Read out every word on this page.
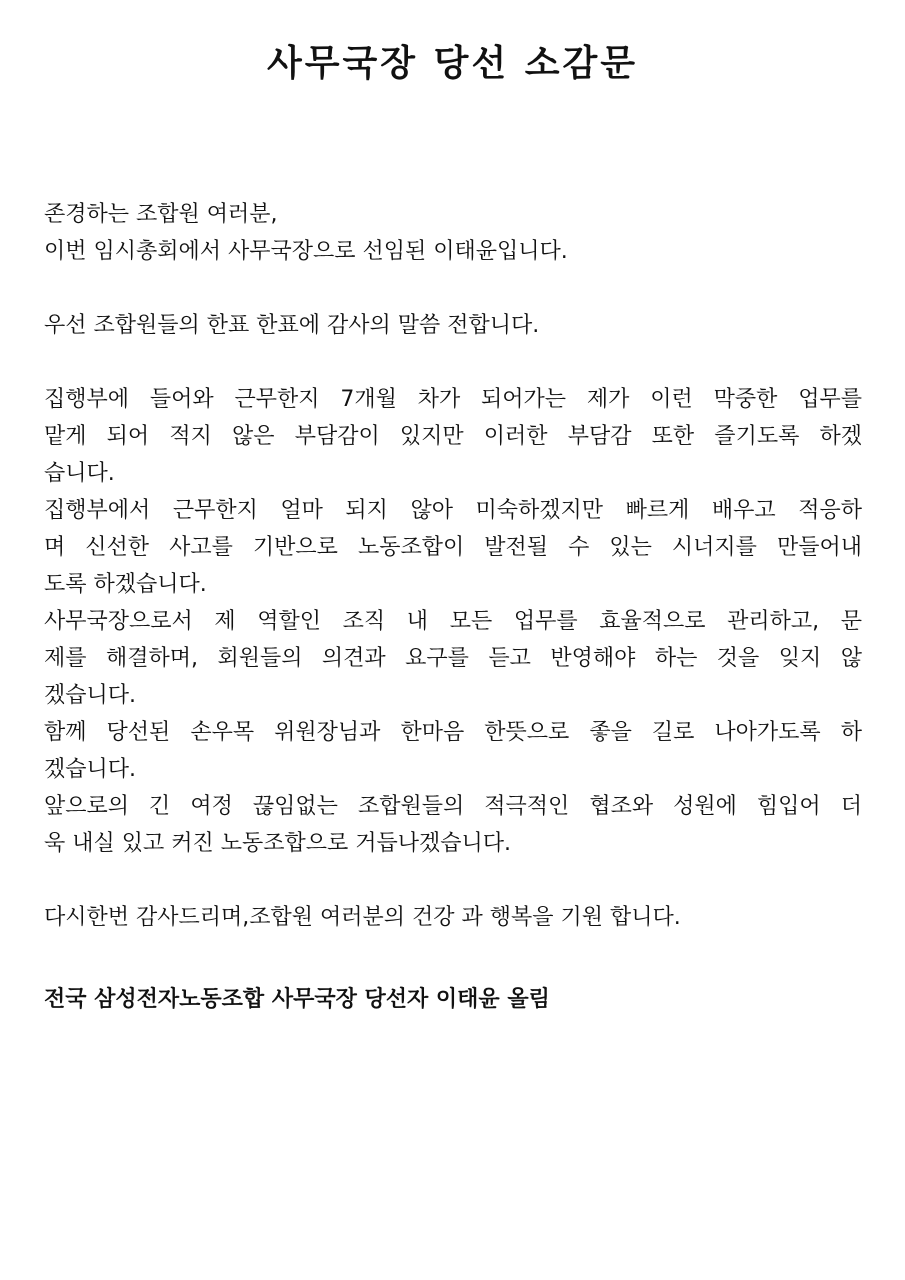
사무국장 당선 소감문
존경하는 조합원 여러분,
이번 임시총회에서 사무국장으로 선임된 이태윤입니다.
우선 조합원들의 한표 한표에 감사의 말씀 전합니다.
집행부에 들어와 근무한지 7개월 차가 되어가는 제가 이런 막중한 업무를
맡게 되어 적지 않은 부담감이 있지만 이러한 부담감 또한 즐기도록 하겠
습니다.
집행부에서 근무한지 얼마 되지 않아 미숙하겠지만 빠르게 배우고 적응하
며 신선한 사고를 기반으로 노동조합이 발전될 수 있는 시너지를 만들어내
도록 하겠습니다.
사무국장으로서 제 역할인 조직 내 모든 업무를 효율적으로 관리하고, 문
제를 해결하며, 회원들의 의견과 요구를 듣고 반영해야 하는 것을 잊지 않
겠습니다.
함께 당선된 손우목 위원장님과 한마음 한뜻으로 좋을 길로 나아가도록 하
겠습니다.
앞으로의 긴 여정 끊임없는 조합원들의 적극적인 협조와 성원에 힘입어 더
욱 내실 있고 커진 노동조합으로 거듭나겠습니다.
다시한번 감사드리며,조합원 여러분의 건강 과 행복을 기원 합니다.
전국 삼성전자노동조합 사무국장 당선자 이태윤 올림
